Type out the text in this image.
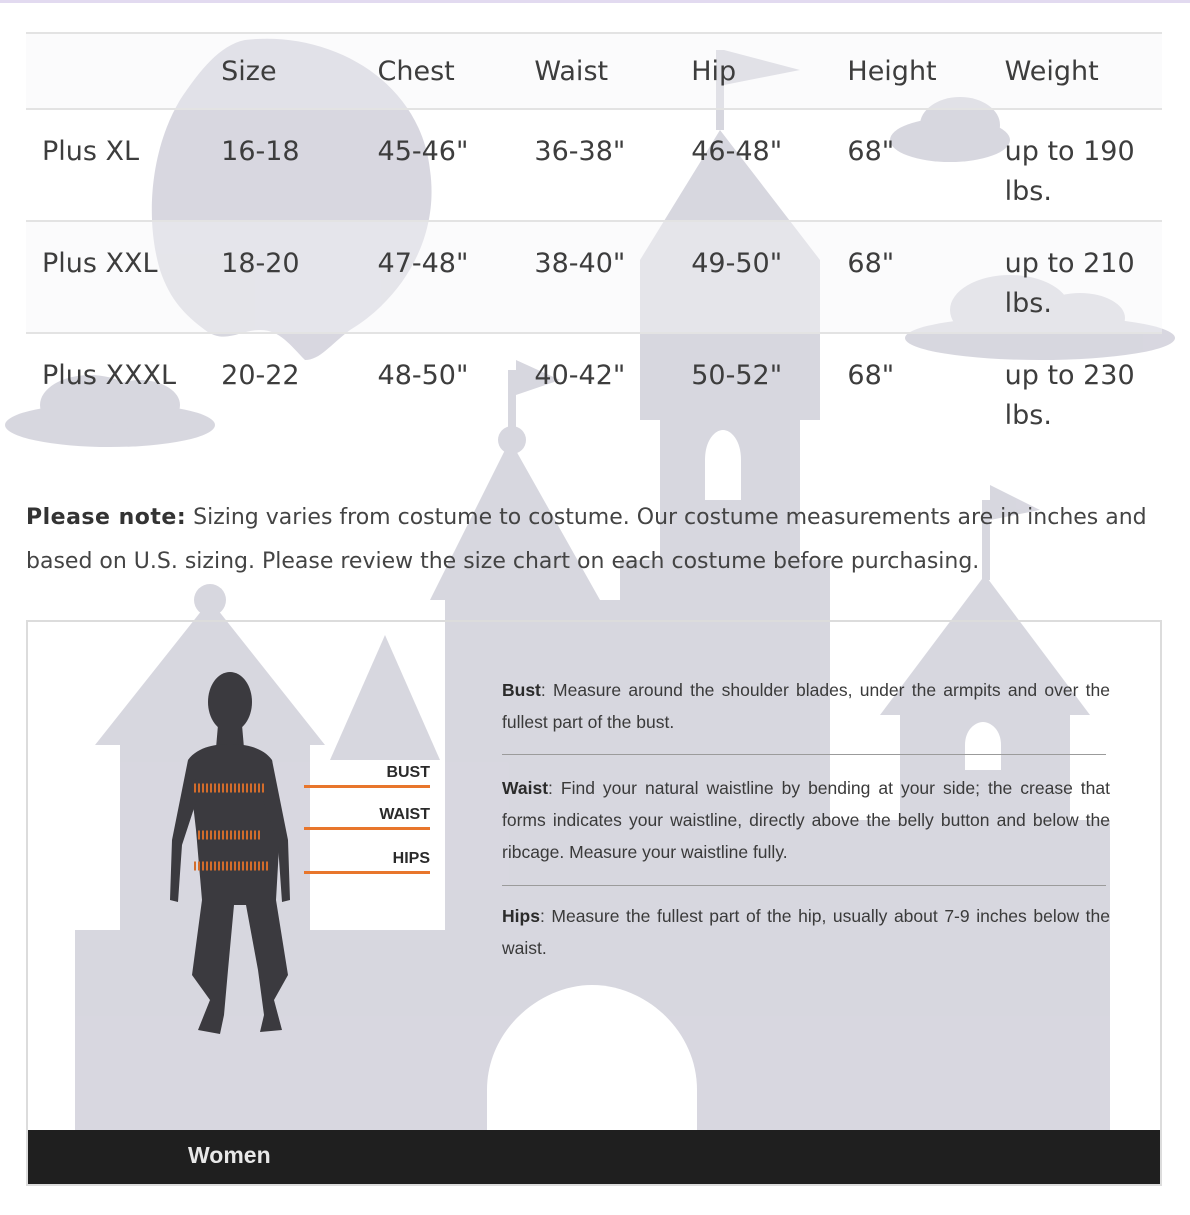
	Size	Chest	Waist	Hip	Height	Weight
Plus XL	16-18	45-46"	36-38"	46-48"	68"	up to 190 lbs.
Plus XXL	18-20	47-48"	38-40"	49-50"	68"	up to 210 lbs.
Plus XXXL	20-22	48-50"	40-42"	50-52"	68"	up to 230 lbs.
Please note: Sizing varies from costume to costume. Our costume measurements are in inches and based on U.S. sizing. Please review the size chart on each costume before purchasing.
BUST
WAIST
HIPS
Bust: Measure around the shoulder blades, under the armpits and over the fullest part of the bust.
Waist: Find your natural waistline by bending at your side; the crease that forms indicates your waistline, directly above the belly button and below the ribcage. Measure your waistline fully.
Hips: Measure the fullest part of the hip, usually about 7-9 inches below the waist.
Women
